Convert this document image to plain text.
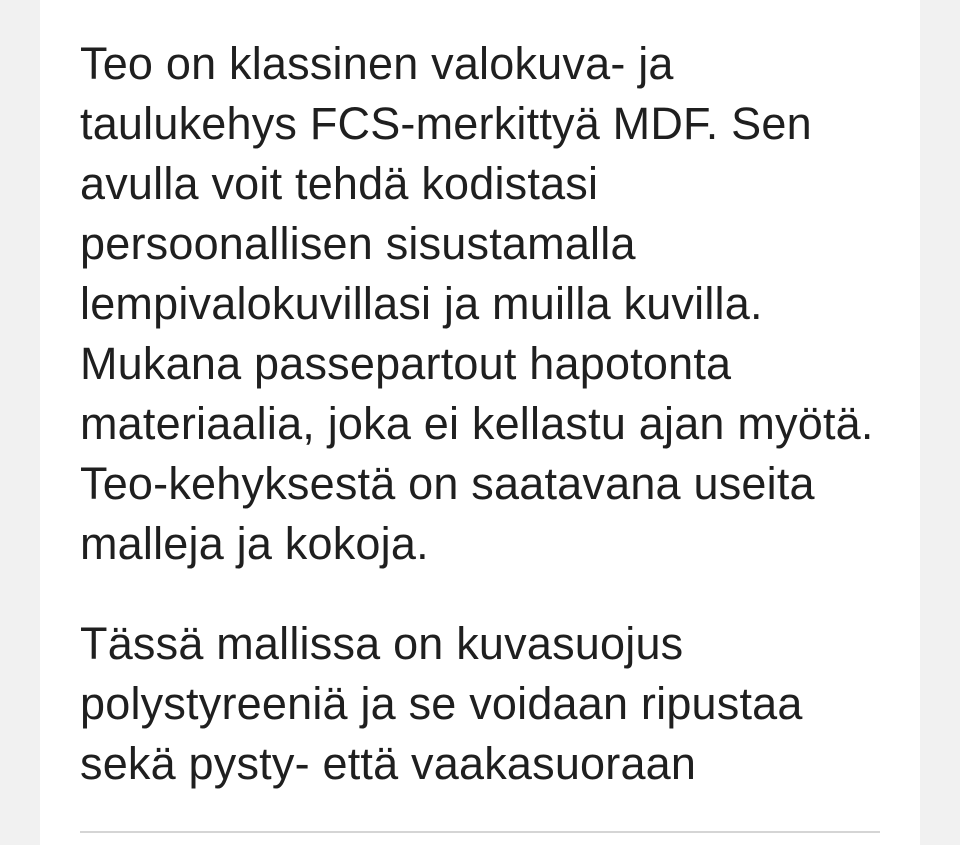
Teo on klassinen valokuva- ja
taulukehys FCS-merkittyä MDF. Sen
avulla voit tehdä kodistasi
persoonallisen sisustamalla
lempivalokuvillasi ja muilla kuvilla.
Mukana passepartout hapotonta
materiaalia, joka ei kellastu ajan myötä.
Teo-kehyksestä on saatavana useita
malleja ja kokoja.
Tässä mallissa on kuvasuojus
polystyreeniä ja se voidaan ripustaa
sekä pysty- että vaakasuoraan
